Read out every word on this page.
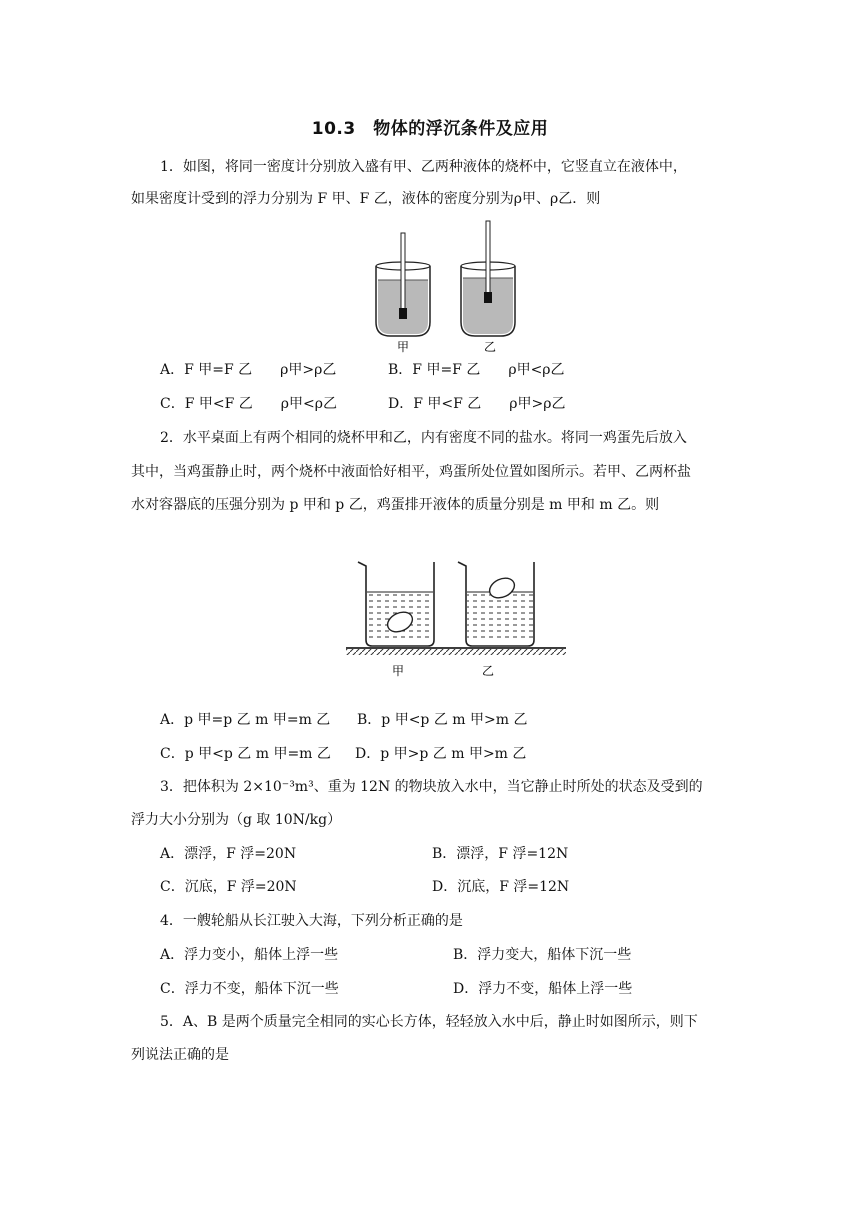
10.3　物体的浮沉条件及应用
1．如图，将同一密度计分别放入盛有甲、乙两种液体的烧杯中，它竖直立在液体中，
如果密度计受到的浮力分别为 F 甲、F 乙，液体的密度分别为ρ甲、ρ乙．则
甲	乙
A．F 甲=F 乙　　ρ甲>ρ乙	B．F 甲=F 乙　　ρ甲<ρ乙
C．F 甲<F 乙　　ρ甲<ρ乙	D．F 甲<F 乙　　ρ甲>ρ乙
2．水平桌面上有两个相同的烧杯甲和乙，内有密度不同的盐水。将同一鸡蛋先后放入
其中，当鸡蛋静止时，两个烧杯中液面恰好相平，鸡蛋所处位置如图所示。若甲、乙两杯盐
水对容器底的压强分别为 p 甲和 p 乙，鸡蛋排开液体的质量分别是 m 甲和 m 乙。则
甲	乙
A．p 甲=p 乙 m 甲=m 乙 B．p 甲<p 乙 m 甲>m 乙
C．p 甲<p 乙 m 甲=m 乙 D．p 甲>p 乙 m 甲>m 乙
3．把体积为 2×10⁻³m³、重为 12N 的物块放入水中，当它静止时所处的状态及受到的
浮力大小分别为（g 取 10N/kg）
A．漂浮，F 浮=20N	B．漂浮，F 浮=12N
C．沉底，F 浮=20N	D．沉底，F 浮=12N
4．一艘轮船从长江驶入大海，下列分析正确的是
A．浮力变小，船体上浮一些	B．浮力变大，船体下沉一些
C．浮力不变，船体下沉一些	D．浮力不变，船体上浮一些
5．A、B 是两个质量完全相同的实心长方体，轻轻放入水中后，静止时如图所示，则下
列说法正确的是
